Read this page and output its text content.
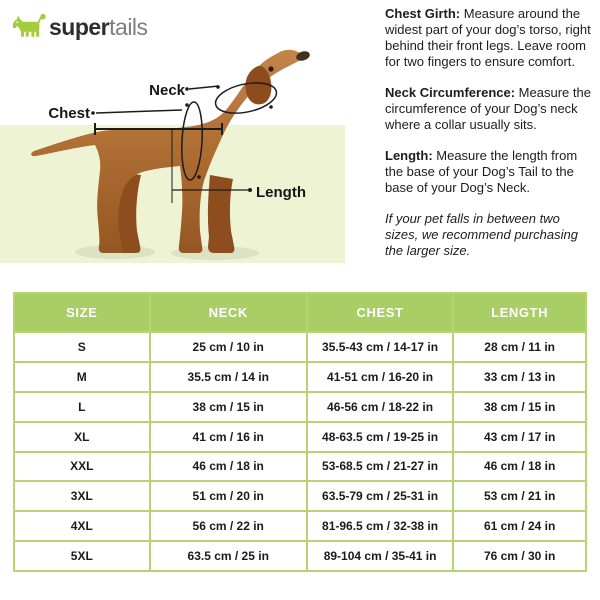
supertails
Neck
Chest
Length

Chest Girth: Measure around the widest part of your dog’s torso, right behind their front legs. Leave room for two fingers to ensure comfort.

Neck Circumference: Measure the circumference of your Dog’s neck where a collar usually sits.

Length: Measure the length from the base of your Dog’s Tail to the base of your Dog’s Neck.

If your pet falls in between two sizes, we recommend purchasing the larger size.

SIZE	NECK	CHEST	LENGTH
S	25 cm / 10 in	35.5-43 cm / 14-17 in	28 cm / 11 in
M	35.5 cm / 14 in	41-51 cm / 16-20 in	33 cm / 13 in
L	38 cm / 15 in	46-56 cm / 18-22 in	38 cm / 15 in
XL	41 cm / 16 in	48-63.5 cm / 19-25 in	43 cm / 17 in
XXL	46 cm / 18 in	53-68.5 cm / 21-27 in	46 cm / 18 in
3XL	51 cm / 20 in	63.5-79 cm / 25-31 in	53 cm / 21 in
4XL	56 cm / 22 in	81-96.5 cm / 32-38 in	61 cm / 24 in
5XL	63.5 cm / 25 in	89-104 cm / 35-41 in	76 cm / 30 in
